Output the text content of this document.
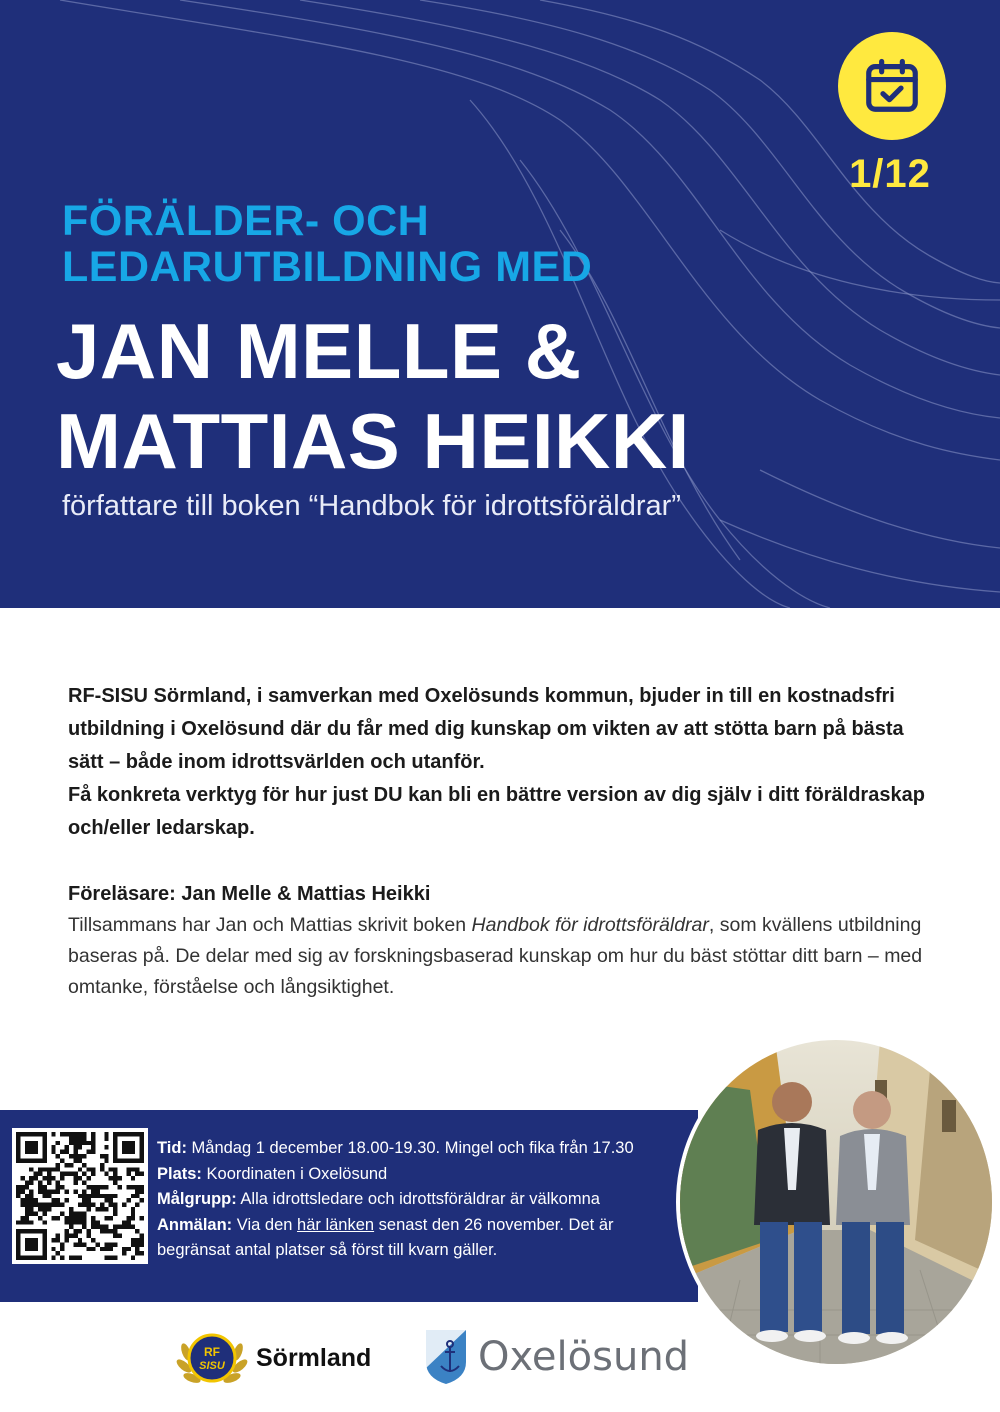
1/12
FÖRÄLDER- OCH
LEDARUTBILDNING MED
JAN MELLE &
MATTIAS HEIKKI
författare till boken “Handbok för idrottsföräldrar”
RF-SISU Sörmland, i samverkan med Oxelösunds kommun, bjuder in till en kostnadsfri utbildning i Oxelösund där du får med dig kunskap om vikten av att stötta barn på bästa sätt – både inom idrottsvärlden och utanför.
Få konkreta verktyg för hur just DU kan bli en bättre version av dig själv i ditt föräldraskap och/eller ledarskap.
Föreläsare: Jan Melle & Mattias Heikki

Tillsammans har Jan och Mattias skrivit boken Handbok för idrottsföräldrar, som kvällens utbildning baseras på. De delar med sig av forskningsbaserad kunskap om hur du bäst stöttar ditt barn – med omtanke, förståelse och långsiktighet.

Tid: Måndag 1 december 18.00-19.30. Mingel och fika från 17.30
Plats: Koordinaten i Oxelösund
Målgrupp: Alla idrottsledare och idrottsföräldrar är välkomna
Anmälan: Via den här länken senast den 26 november. Det är begränsat antal platser så först till kvarn gäller.
RF
SISU Sörmland	Oxelösund
